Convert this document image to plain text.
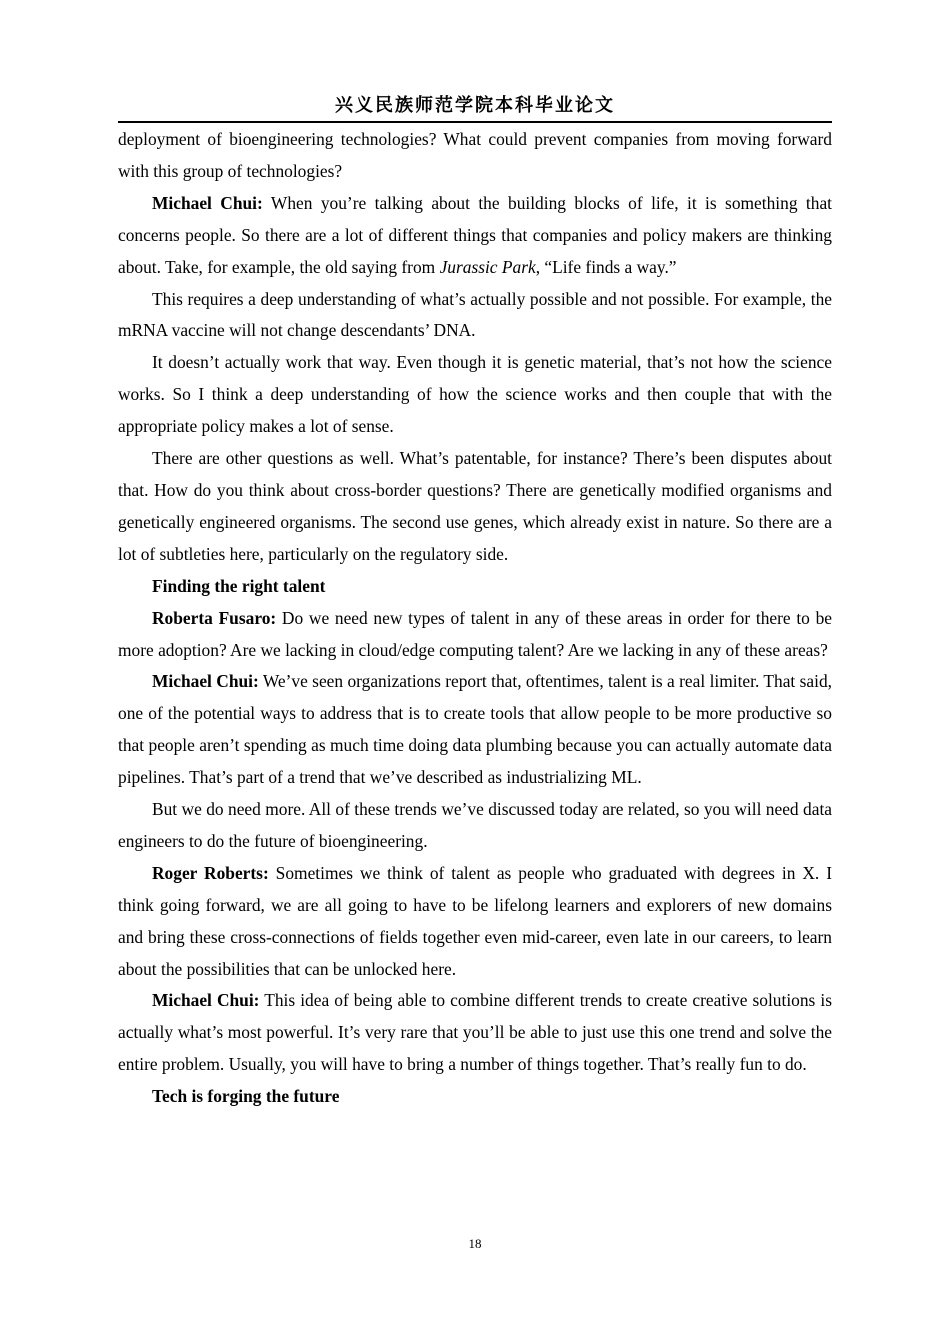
兴义民族师范学院本科毕业论文

deployment of bioengineering technologies? What could prevent companies from moving forward with this group of technologies?

Michael Chui: When you’re talking about the building blocks of life, it is something that concerns people. So there are a lot of different things that companies and policy makers are thinking about. Take, for example, the old saying from Jurassic Park, “Life finds a way.”

This requires a deep understanding of what’s actually possible and not possible. For example, the mRNA vaccine will not change descendants’ DNA.

It doesn’t actually work that way. Even though it is genetic material, that’s not how the science works. So I think a deep understanding of how the science works and then couple that with the appropriate policy makes a lot of sense.

There are other questions as well. What’s patentable, for instance? There’s been disputes about that. How do you think about cross-border questions? There are genetically modified organisms and genetically engineered organisms. The second use genes, which already exist in nature. So there are a lot of subtleties here, particularly on the regulatory side.

Finding the right talent

Roberta Fusaro: Do we need new types of talent in any of these areas in order for there to be more adoption? Are we lacking in cloud/edge computing talent? Are we lacking in any of these areas?

Michael Chui: We’ve seen organizations report that, oftentimes, talent is a real limiter. That said, one of the potential ways to address that is to create tools that allow people to be more productive so that people aren’t spending as much time doing data plumbing because you can actually automate data pipelines. That’s part of a trend that we’ve described as industrializing ML.

But we do need more. All of these trends we’ve discussed today are related, so you will need data engineers to do the future of bioengineering.

Roger Roberts: Sometimes we think of talent as people who graduated with degrees in X. I think going forward, we are all going to have to be lifelong learners and explorers of new domains and bring these cross-connections of fields together even mid-career, even late in our careers, to learn about the possibilities that can be unlocked here.

Michael Chui: This idea of being able to combine different trends to create creative solutions is actually what’s most powerful. It’s very rare that you’ll be able to just use this one trend and solve the entire problem. Usually, you will have to bring a number of things together. That’s really fun to do.

Tech is forging the future

18
